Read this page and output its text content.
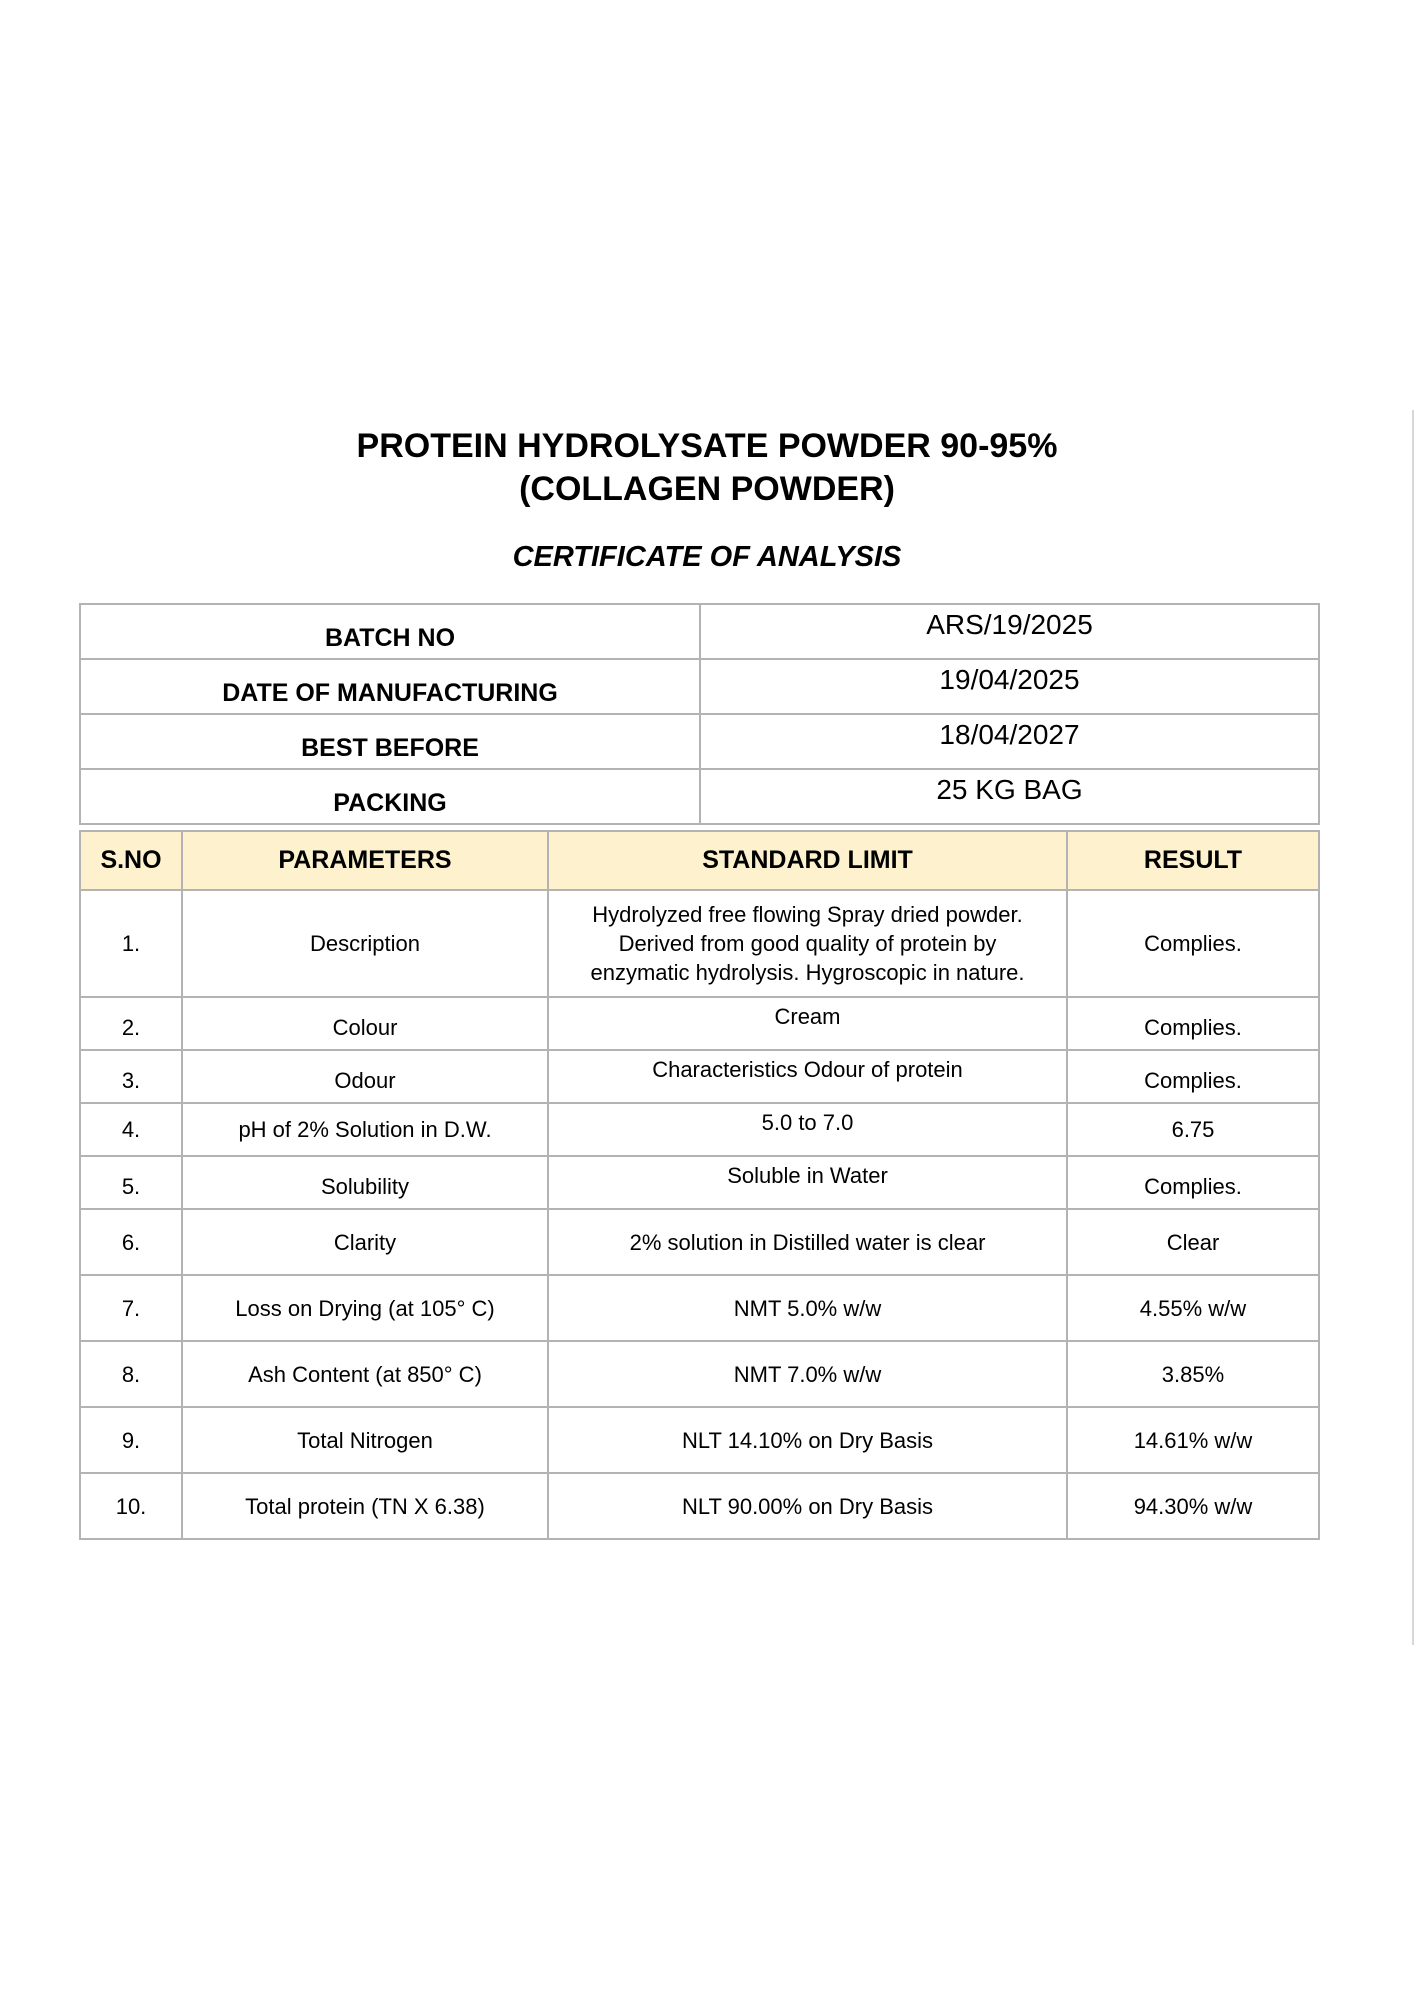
PROTEIN HYDROLYSATE POWDER 90-95%
(COLLAGEN POWDER)
CERTIFICATE OF ANALYSIS
BATCH NO	ARS/19/2025
DATE OF MANUFACTURING	19/04/2025
BEST BEFORE	18/04/2027
PACKING	25 KG BAG
S.NO	PARAMETERS	STANDARD LIMIT	RESULT
1.	Description	Hydrolyzed free flowing Spray dried powder.
Derived from good quality of protein by
enzymatic hydrolysis. Hygroscopic in nature.	Complies.
2.	Colour	Cream	Complies.
3.	Odour	Characteristics Odour of protein	Complies.
4.	pH of 2% Solution in D.W.	5.0 to 7.0	6.75
5.	Solubility	Soluble in Water	Complies.
6.	Clarity	2% solution in Distilled water is clear	Clear
7.	Loss on Drying (at 105° C)	NMT 5.0% w/w	4.55% w/w
8.	Ash Content (at 850° C)	NMT 7.0% w/w	3.85%
9.	Total Nitrogen	NLT 14.10% on Dry Basis	14.61% w/w
10.	Total protein (TN X 6.38)	NLT 90.00% on Dry Basis	94.30% w/w
